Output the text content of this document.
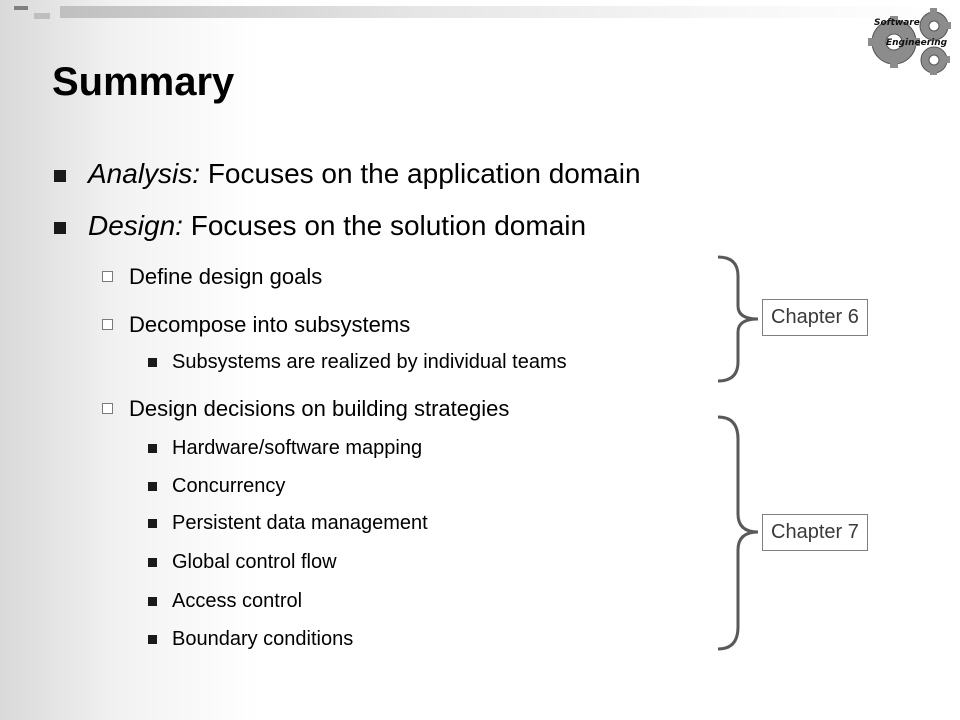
Software
Engineering
Summary
Analysis: Focuses on the application domain
Design: Focuses on the solution domain
Define design goals
Decompose into subsystems
Subsystems are realized by individual teams
Design decisions on building strategies
Hardware/software mapping
Concurrency
Persistent data management
Global control flow
Access control
Boundary conditions
Chapter 6
Chapter 7
